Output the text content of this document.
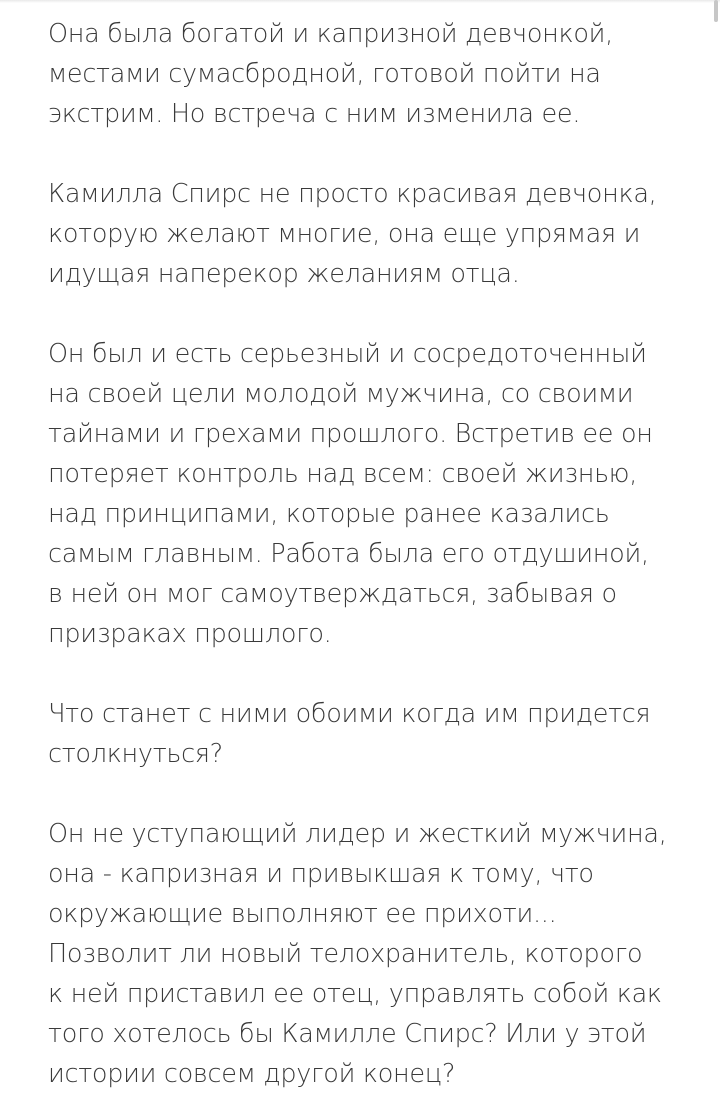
Она была богатой и капризной девчонкой,
местами сумасбродной, готовой пойти на
экстрим. Но встреча с ним изменила ее.

Камилла Спирс не просто красивая девчонка,
которую желают многие, она еще упрямая и
идущая наперекор желаниям отца.

Он был и есть серьезный и сосредоточенный
на своей цели молодой мужчина, со своими
тайнами и грехами прошлого. Встретив ее он
потеряет контроль над всем: своей жизнью,
над принципами, которые ранее казались
самым главным. Работа была его отдушиной,
в ней он мог самоутверждаться, забывая о
призраках прошлого.

Что станет с ними обоими когда им придется
столкнуться?

Он не уступающий лидер и жесткий мужчина,
она - капризная и привыкшая к тому, что
окружающие выполняют ее прихоти...
Позволит ли новый телохранитель, которого
к ней приставил ее отец, управлять собой как
того хотелось бы Камилле Спирс? Или у этой
истории совсем другой конец?
